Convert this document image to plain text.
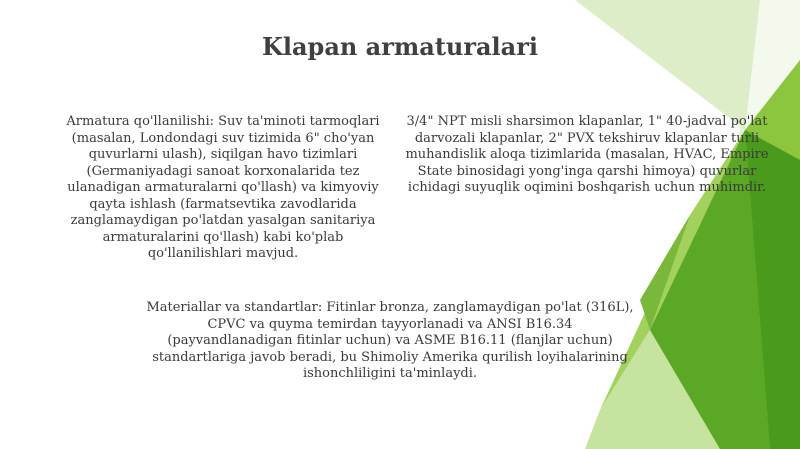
Klapan armaturalari

Armatura qo'llanilishi: Suv ta'minoti tarmoqlari (masalan, Londondagi suv tizimida 6" cho'yan quvurlarni ulash), siqilgan havo tizimlari (Germaniyadagi sanoat korxonalarida tez ulanadigan armaturalarni qo'llash) va kimyoviy qayta ishlash (farmatsevtika zavodlarida zanglamaydigan po'latdan yasalgan sanitariya armaturalarini qo'llash) kabi ko'plab qo'llanilishlari mavjud.

3/4" NPT misli sharsimon klapanlar, 1" 40-jadval po'lat darvozali klapanlar, 2" PVX tekshiruv klapanlar turli muhandislik aloqa tizimlarida (masalan, HVAC, Empire State binosidagi yong'inga qarshi himoya) quvurlar ichidagi suyuqlik oqimini boshqarish uchun muhimdir.

Materiallar va standartlar: Fitinlar bronza, zanglamaydigan po'lat (316L), CPVC va quyma temirdan tayyorlanadi va ANSI B16.34 (payvandlanadigan fitinlar uchun) va ASME B16.11 (flanjlar uchun) standartlariga javob beradi, bu Shimoliy Amerika qurilish loyihalarining ishonchliligini ta'minlaydi.
